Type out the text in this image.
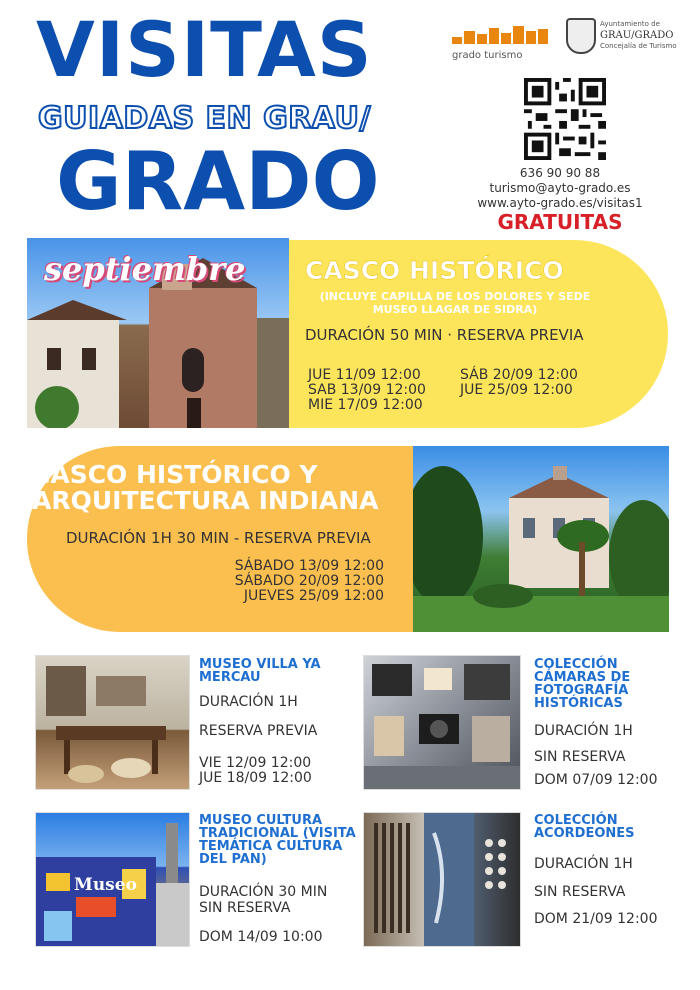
VISITAS
GUIADAS EN GRAU/
GRADO
grado turismo
Ayuntamiento de
GRAU/GRADO
Concejalía de Turismo
636 90 90 88
turismo@ayto-grado.es
www.ayto-grado.es/visitas1
GRATUITAS
septiembre CASCO HISTÓRICO
(INCLUYE CAPILLA DE LOS DOLORES Y SEDE MUSEO LLAGAR DE SIDRA)
DURACIÓN 50 MIN · RESERVA PREVIA
JUE 11/09 12:00
SAB 13/09 12:00
MIE 17/09 12:00
SÁB 20/09 12:00
JUE 25/09 12:00
CASCO HISTÓRICO Y ARQUITECTURA INDIANA
DURACIÓN 1H 30 MIN - RESERVA PREVIA
SÁBADO 13/09 12:00
SÁBADO 20/09 12:00
JUEVES 25/09 12:00
MUSEO VILLA YA MERCAU
DURACIÓN 1H
RESERVA PREVIA
VIE 12/09 12:00
JUE 18/09 12:00
COLECCIÓN CÁMARAS DE FOTOGRAFÍA HISTÓRICAS
DURACIÓN 1H
SIN RESERVA
DOM 07/09 12:00
Museo
MUSEO CULTURA TRADICIONAL (VISITA TEMÁTICA CULTURA DEL PAN)
DURACIÓN 30 MIN
SIN RESERVA
DOM 14/09 10:00
COLECCIÓN ACORDEONES
DURACIÓN 1H
SIN RESERVA
DOM 21/09 12:00
